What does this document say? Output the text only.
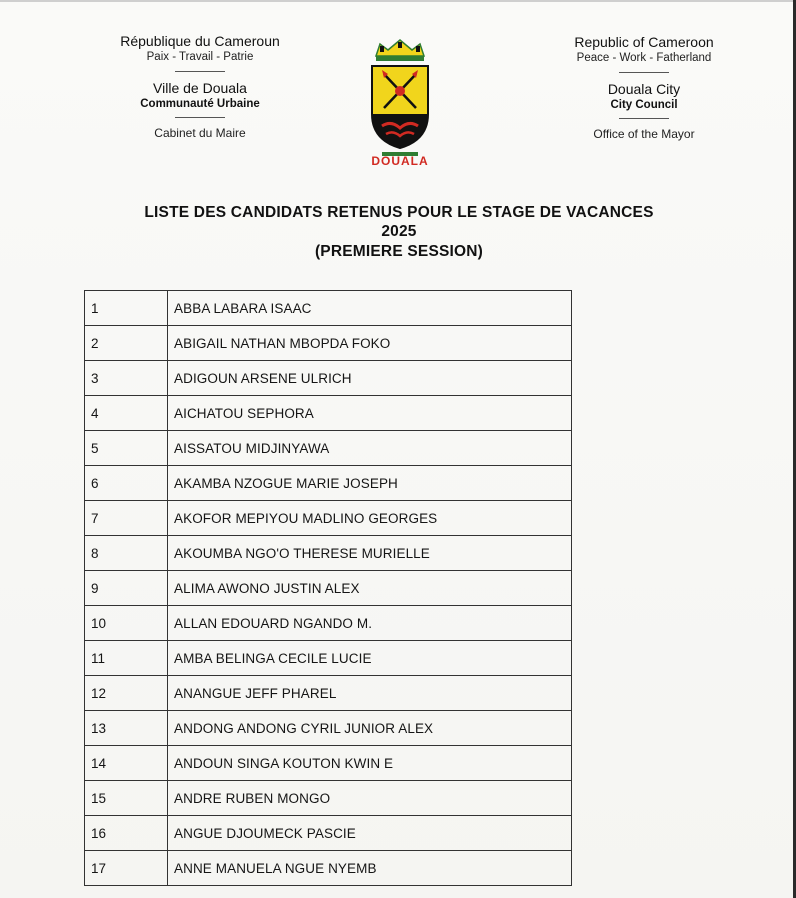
République du Cameroun
Paix - Travail - Patrie
Ville de Douala
Communauté Urbaine
Cabinet du Maire
DOUALA
Republic of Cameroon
Peace - Work - Fatherland
Douala City
City Council
Office of the Mayor
LISTE DES CANDIDATS RETENUS POUR LE STAGE DE VACANCES
2025
(PREMIERE SESSION)
1	ABBA LABARA ISAAC
2	ABIGAIL NATHAN MBOPDA FOKO
3	ADIGOUN ARSENE ULRICH
4	AICHATOU SEPHORA
5	AISSATOU MIDJINYAWA
6	AKAMBA NZOGUE MARIE JOSEPH
7	AKOFOR MEPIYOU MADLINO GEORGES
8	AKOUMBA NGO'O THERESE MURIELLE
9	ALIMA AWONO JUSTIN ALEX
10	ALLAN EDOUARD NGANDO M.
11	AMBA BELINGA CECILE LUCIE
12	ANANGUE JEFF PHAREL
13	ANDONG ANDONG CYRIL JUNIOR ALEX
14	ANDOUN SINGA KOUTON KWIN E
15	ANDRE RUBEN MONGO
16	ANGUE DJOUMECK PASCIE
17	ANNE MANUELA NGUE NYEMB
